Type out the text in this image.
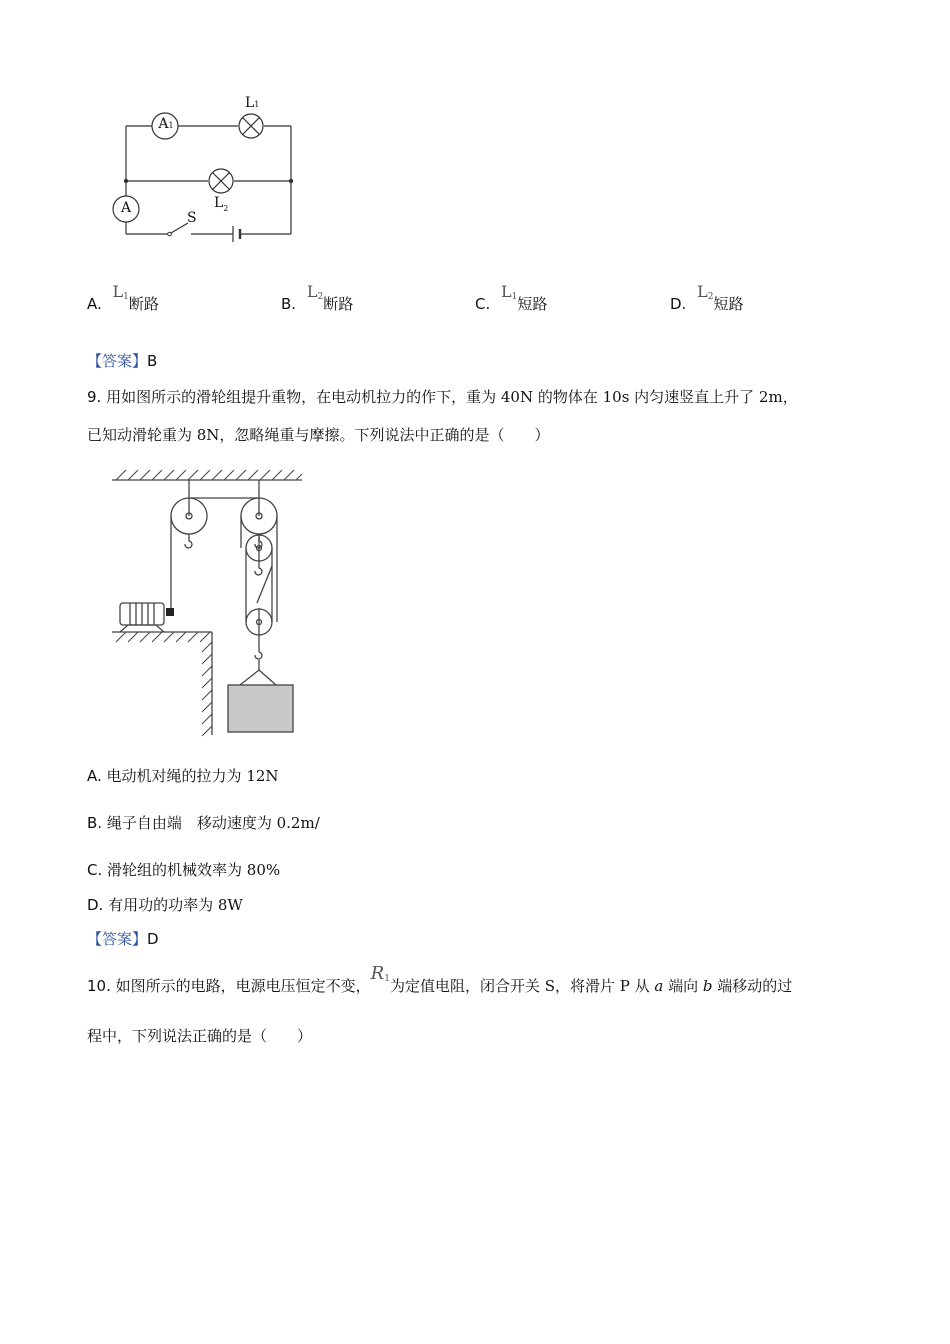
A1
A
L1
$L_2$
S
A. $L_1$断路	B. $L_2$断路	C. $L_1$短路	D. $L_2$短路
【答案】B
9. 用如图所示的滑轮组提升重物，在电动机拉力的作下，重为 40N 的物体在 10s 内匀速竖直上升了 2m，
已知动滑轮重为 8N，忽略绳重与摩擦。下列说法中正确的是（　　）
A. 电动机对绳的拉力为 12N
B. 绳子自由端　移动速度为 0.2m/
C. 滑轮组的机械效率为 80%
D. 有用功的功率为 8W
【答案】D
10. 如图所示的电路，电源电压恒定不变，$R_1$为定值电阻，闭合开关 S，将滑片 P 从 a 端向 b 端移动的过
程中，下列说法正确的是（　　）
